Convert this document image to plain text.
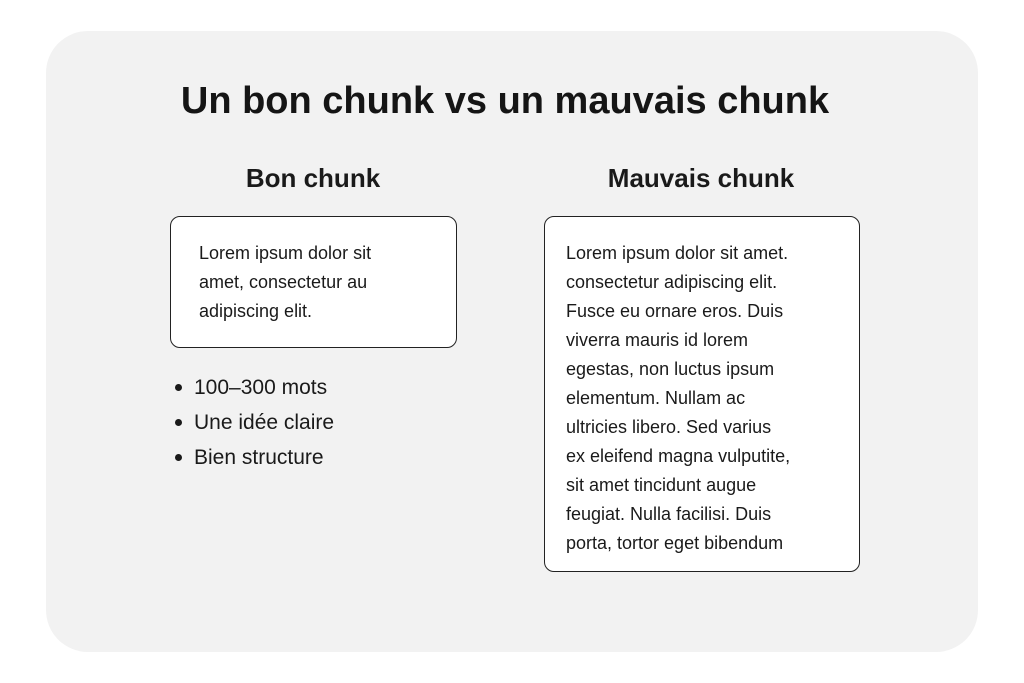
Un bon chunk vs un mauvais chunk
Bon chunk
Lorem ipsum dolor sit
amet, consectetur au
adipiscing elit.
100–300 mots
Une idée claire
Bien structure
Mauvais chunk
Lorem ipsum dolor sit amet.
consectetur adipiscing elit.
Fusce eu ornare eros. Duis
viverra mauris id lorem
egestas, non luctus ipsum
elementum. Nullam ac
ultricies libero. Sed varius
ex eleifend magna vulputite,
sit amet tincidunt augue
feugiat. Nulla facilisi. Duis
porta, tortor eget bibendum
